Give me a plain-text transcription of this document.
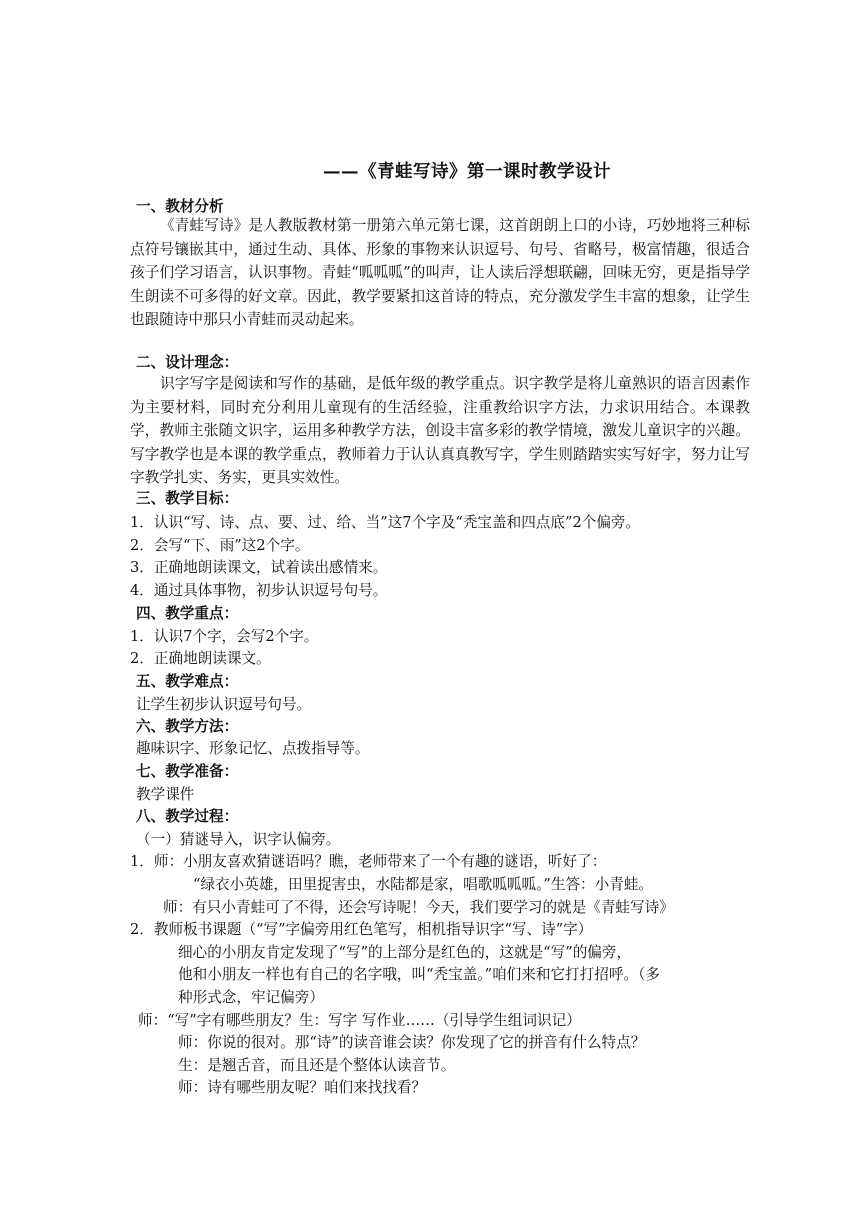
——《青蛙写诗》第一课时教学设计
一、教材分析
《青蛙写诗》是人教版教材第一册第六单元第七课，这首朗朗上口的小诗，巧妙地将三种标点符号镶嵌其中，通过生动、具体、形象的事物来认识逗号、句号、省略号，极富情趣，很适合孩子们学习语言，认识事物。青蛙“呱呱呱”的叫声，让人读后浮想联翩，回味无穷，更是指导学生朗读不可多得的好文章。因此，教学要紧扣这首诗的特点，充分激发学生丰富的想象，让学生也跟随诗中那只小青蛙而灵动起来。
二、设计理念：
识字写字是阅读和写作的基础，是低年级的教学重点。识字教学是将儿童熟识的语言因素作为主要材料，同时充分利用儿童现有的生活经验，注重教给识字方法，力求识用结合。本课教学，教师主张随文识字，运用多种教学方法，创设丰富多彩的教学情境，激发儿童识字的兴趣。写字教学也是本课的教学重点，教师着力于认认真真教写字，学生则踏踏实实写好字，努力让写字教学扎实、务实，更具实效性。
三、教学目标：
1．认识“写、诗、点、要、过、给、当”这7个字及“秃宝盖和四点底”2个偏旁。
2．会写“下、雨”这2个字。
3．正确地朗读课文，试着读出感情来。
4．通过具体事物，初步认识逗号句号。
四、教学重点：
1．认识7个字，会写2个字。
2．正确地朗读课文。
五、教学难点：
让学生初步认识逗号句号。
六、教学方法：
趣味识字、形象记忆、点拨指导等。
七、教学准备：
教学课件
八、教学过程：
（一）猜谜导入，识字认偏旁。
1．师：小朋友喜欢猜谜语吗？瞧，老师带来了一个有趣的谜语，听好了：
“绿衣小英雄，田里捉害虫，水陆都是家，唱歌呱呱呱。”生答：小青蛙。
师：有只小青蛙可了不得，还会写诗呢！今天，我们要学习的就是《青蛙写诗》
2．教师板书课题（“写”字偏旁用红色笔写，相机指导识字“写、诗”字）
细心的小朋友肯定发现了“写”的上部分是红色的，这就是“写”的偏旁，
他和小朋友一样也有自己的名字哦，叫“秃宝盖。”咱们来和它打打招呼。（多
种形式念，牢记偏旁）
师：“写”字有哪些朋友？生：写字 写作业……（引导学生组词识记）
师：你说的很对。那“诗”的读音谁会读？你发现了它的拼音有什么特点？
生：是翘舌音，而且还是个整体认读音节。
师：诗有哪些朋友呢？咱们来找找看？
